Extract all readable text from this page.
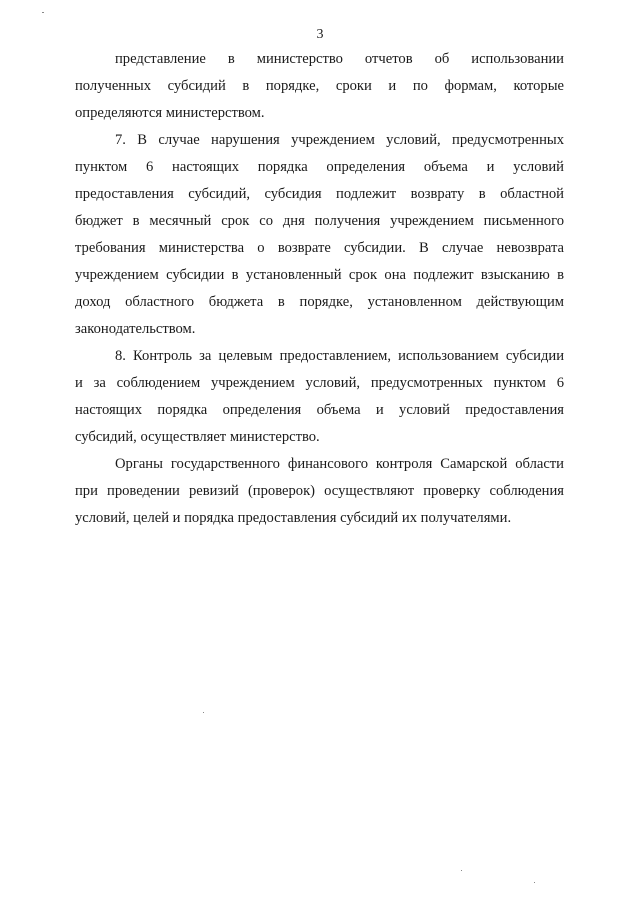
3

представление в министерство отчетов об использовании
полученных субсидий в порядке, сроки и по формам, которые
определяются министерством.

7. В случае нарушения учреждением условий, предусмотренных
пунктом 6 настоящих порядка определения объема и условий
предоставления субсидий, субсидия подлежит возврату в областной
бюджет в месячный срок со дня получения учреждением письменного
требования министерства о возврате субсидии. В случае невозврата
учреждением субсидии в установленный срок она подлежит взысканию в
доход областного бюджета в порядке, установленном действующим
законодательством.

8. Контроль за целевым предоставлением, использованием субсидии
и за соблюдением учреждением условий, предусмотренных пунктом 6
настоящих порядка определения объема и условий предоставления
субсидий, осуществляет министерство.

Органы государственного финансового контроля Самарской области
при проведении ревизий (проверок) осуществляют проверку соблюдения
условий, целей и порядка предоставления субсидий их получателями.
